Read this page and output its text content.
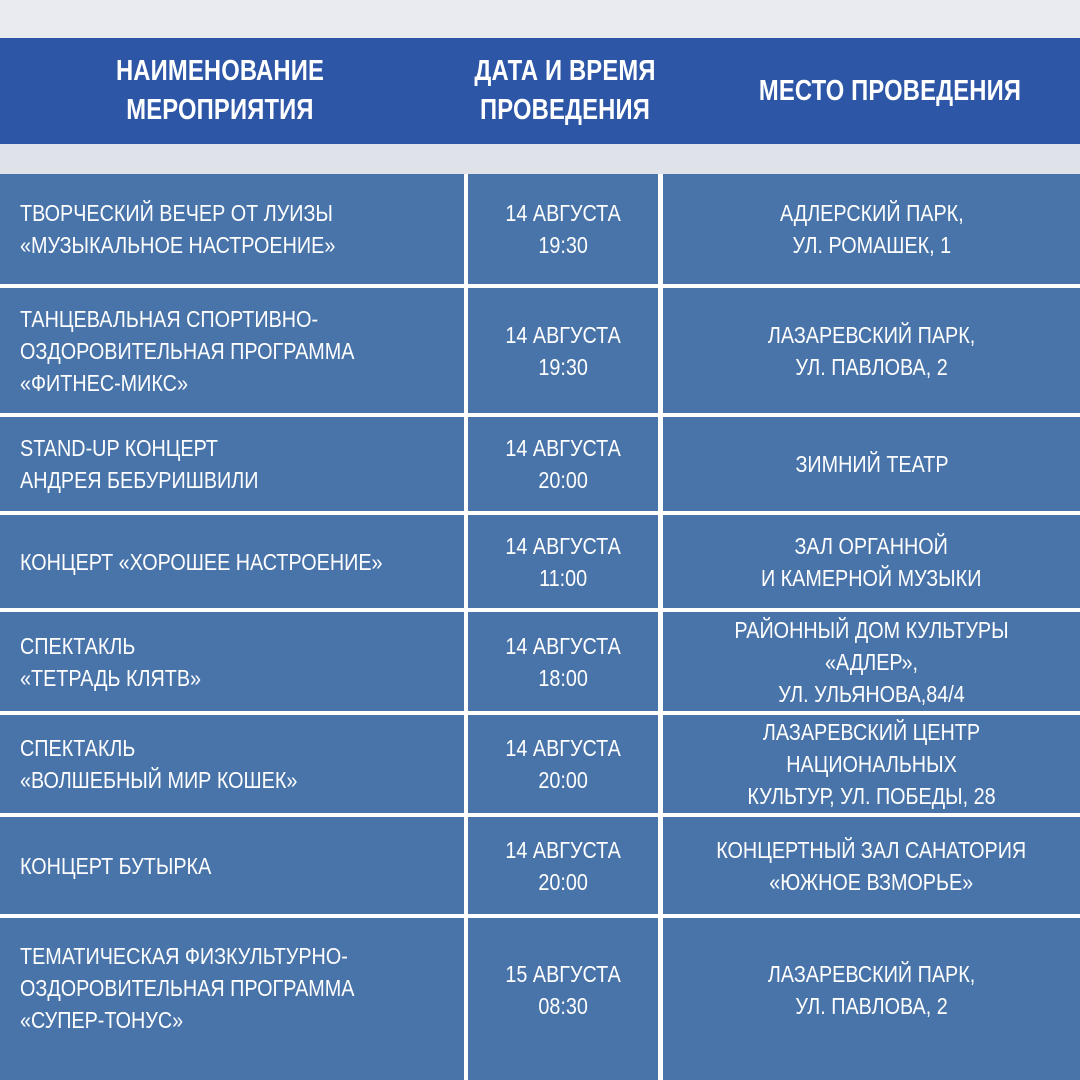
НАИМЕНОВАНИЕ
МЕРОПРИЯТИЯ
ДАТА И ВРЕМЯ
ПРОВЕДЕНИЯ
МЕСТО ПРОВЕДЕНИЯ
ТВОРЧЕСКИЙ ВЕЧЕР ОТ ЛУИЗЫ
«МУЗЫКАЛЬНОЕ НАСТРОЕНИЕ»
14 АВГУСТА
19:30
АДЛЕРСКИЙ ПАРК,
УЛ. РОМАШЕК, 1
ТАНЦЕВАЛЬНАЯ СПОРТИВНО-
ОЗДОРОВИТЕЛЬНАЯ ПРОГРАММА
«ФИТНЕС-МИКС»
14 АВГУСТА
19:30
ЛАЗАРЕВСКИЙ ПАРК,
УЛ. ПАВЛОВА, 2
STAND-UP КОНЦЕРТ
АНДРЕЯ БЕБУРИШВИЛИ
14 АВГУСТА
20:00
ЗИМНИЙ ТЕАТР
КОНЦЕРТ «ХОРОШЕЕ НАСТРОЕНИЕ»
14 АВГУСТА
11:00
ЗАЛ ОРГАННОЙ
И КАМЕРНОЙ МУЗЫКИ
СПЕКТАКЛЬ
«ТЕТРАДЬ КЛЯТВ»
14 АВГУСТА
18:00
РАЙОННЫЙ ДОМ КУЛЬТУРЫ «АДЛЕР»,
УЛ. УЛЬЯНОВА,84/4
СПЕКТАКЛЬ
«ВОЛШЕБНЫЙ МИР КОШЕК»
14 АВГУСТА
20:00
ЛАЗАРЕВСКИЙ ЦЕНТР НАЦИОНАЛЬНЫХ
КУЛЬТУР, УЛ. ПОБЕДЫ, 28
КОНЦЕРТ БУТЫРКА
14 АВГУСТА
20:00
КОНЦЕРТНЫЙ ЗАЛ САНАТОРИЯ
«ЮЖНОЕ ВЗМОРЬЕ»
ТЕМАТИЧЕСКАЯ ФИЗКУЛЬТУРНО-
ОЗДОРОВИТЕЛЬНАЯ ПРОГРАММА
«СУПЕР-ТОНУС»
15 АВГУСТА
08:30
ЛАЗАРЕВСКИЙ ПАРК,
УЛ. ПАВЛОВА, 2
